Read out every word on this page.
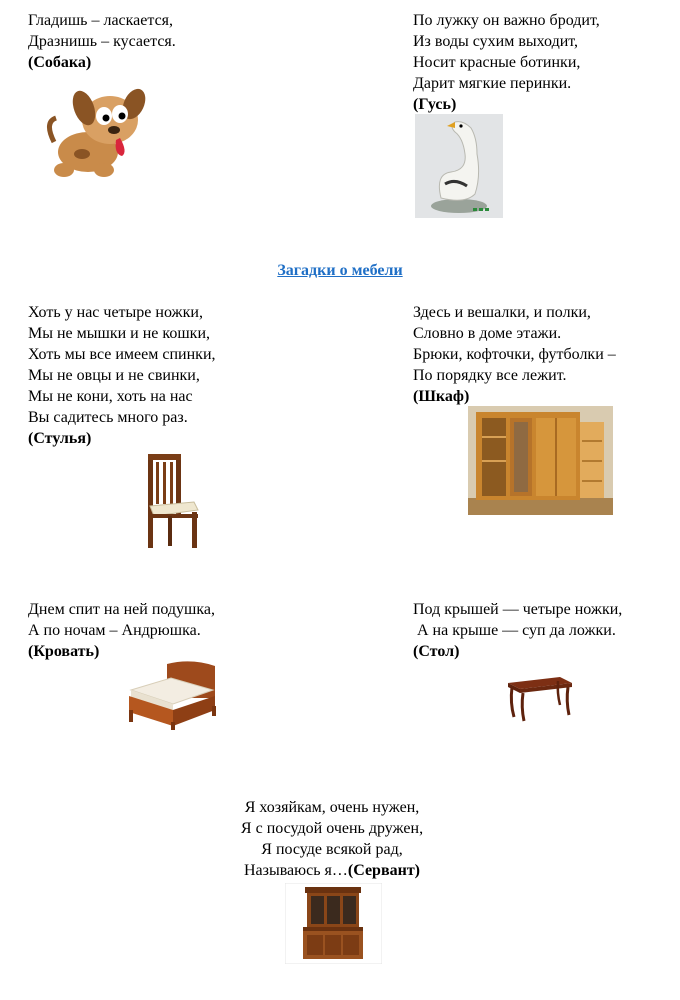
Гладишь – ласкается,
Дразнишь – кусается.
(Собака)
По лужку он важно бродит,
Из воды сухим выходит,
Носит красные ботинки,
Дарит мягкие перинки.
(Гусь)
Загадки о мебели
Хоть у нас четыре ножки,
Мы не мышки и не кошки,
Хоть мы все имеем спинки,
Мы не овцы и не свинки,
Мы не кони, хоть на нас
Вы садитесь много раз.
(Стулья)
Здесь и вешалки, и полки,
Словно в доме этажи.
Брюки, кофточки, футболки –
По порядку все лежит.
(Шкаф)
Днем спит на ней подушка,
А по ночам – Андрюшка.
(Кровать)
Под крышей — четыре ножки,
А на крыше — суп да ложки.
(Стол)
Я хозяйкам, очень нужен,
Я с посудой очень дружен,
Я посуде всякой рад,
Называюсь я…(Сервант)
